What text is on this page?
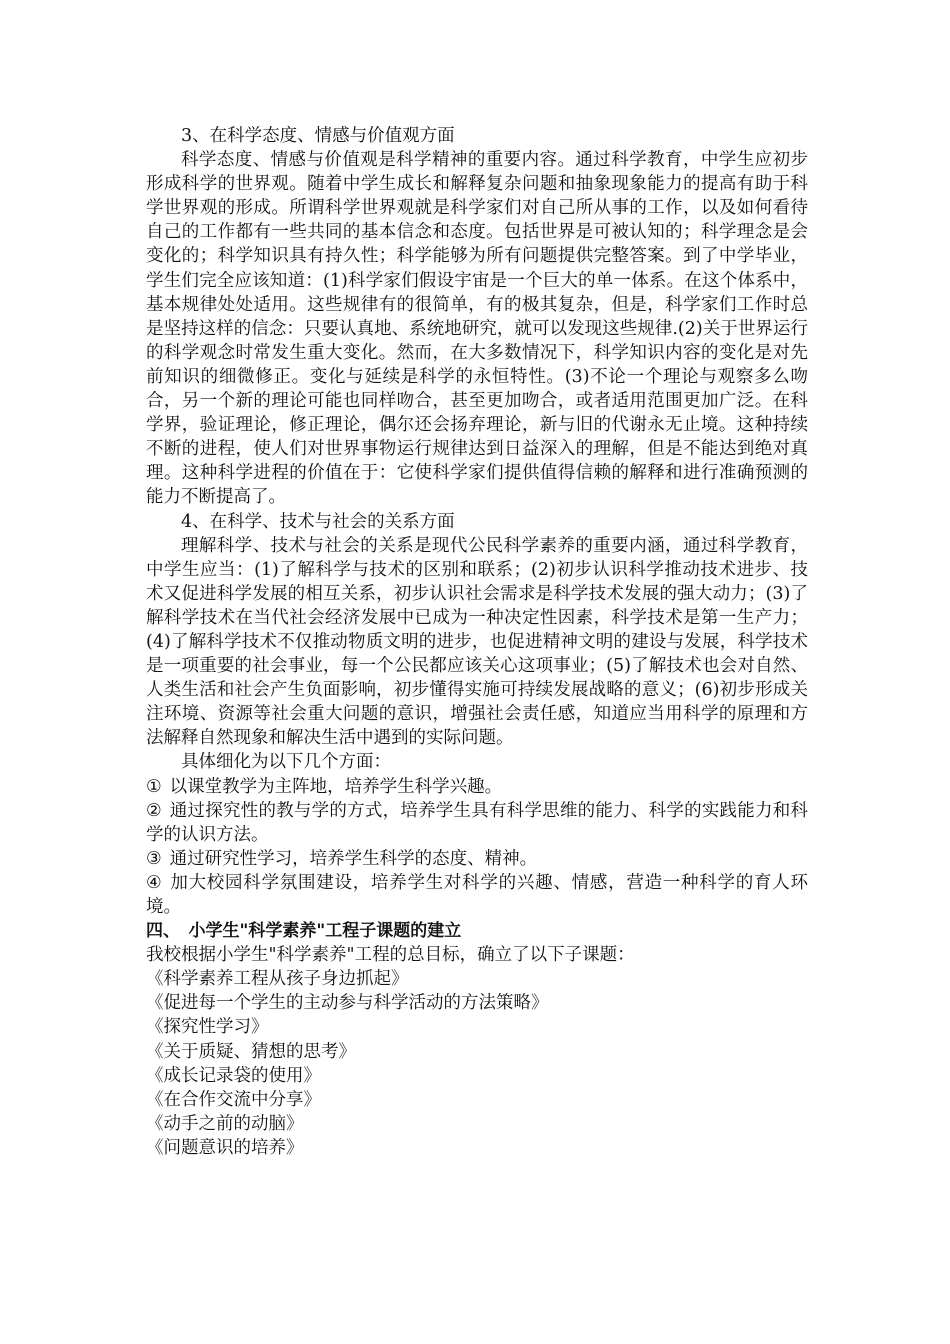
3、在科学态度、情感与价值观方面

科学态度、情感与价值观是科学精神的重要内容。通过科学教育，中学生应初步形成科学的世界观。随着中学生成长和解释复杂问题和抽象现象能力的提高有助于科学世界观的形成。所谓科学世界观就是科学家们对自己所从事的工作，以及如何看待自己的工作都有一些共同的基本信念和态度。包括世界是可被认知的；科学理念是会变化的；科学知识具有持久性；科学能够为所有问题提供完整答案。到了中学毕业，学生们完全应该知道：(1)科学家们假设宇宙是一个巨大的单一体系。在这个体系中，基本规律处处适用。这些规律有的很简单，有的极其复杂，但是，科学家们工作时总是坚持这样的信念：只要认真地、系统地研究，就可以发现这些规律.(2)关于世界运行的科学观念时常发生重大变化。然而，在大多数情况下，科学知识内容的变化是对先前知识的细微修正。变化与延续是科学的永恒特性。(3)不论一个理论与观察多么吻合，另一个新的理论可能也同样吻合，甚至更加吻合，或者适用范围更加广泛。在科学界，验证理论，修正理论，偶尔还会扬弃理论，新与旧的代谢永无止境。这种持续不断的进程，使人们对世界事物运行规律达到日益深入的理解，但是不能达到绝对真理。这种科学进程的价值在于：它使科学家们提供值得信赖的解释和进行准确预测的能力不断提高了。

4、在科学、技术与社会的关系方面

理解科学、技术与社会的关系是现代公民科学素养的重要内涵，通过科学教育，中学生应当：(1)了解科学与技术的区别和联系；(2)初步认识科学推动技术进步、技术又促进科学发展的相互关系，初步认识社会需求是科学技术发展的强大动力；(3)了解科学技术在当代社会经济发展中已成为一种决定性因素，科学技术是第一生产力；(4)了解科学技术不仅推动物质文明的进步，也促进精神文明的建设与发展，科学技术是一项重要的社会事业，每一个公民都应该关心这项事业；(5)了解技术也会对自然、人类生活和社会产生负面影响，初步懂得实施可持续发展战略的意义；(6)初步形成关注环境、资源等社会重大问题的意识，增强社会责任感，知道应当用科学的原理和方法解释自然现象和解决生活中遇到的实际问题。

具体细化为以下几个方面：

① 以课堂教学为主阵地，培养学生科学兴趣。

② 通过探究性的教与学的方式，培养学生具有科学思维的能力、科学的实践能力和科学的认识方法。

③ 通过研究性学习，培养学生科学的态度、精神。

④ 加大校园科学氛围建设，培养学生对科学的兴趣、情感，营造一种科学的育人环境。

四、　小学生"科学素养"工程子课题的建立

我校根据小学生"科学素养"工程的总目标，确立了以下子课题：

《科学素养工程从孩子身边抓起》
《促进每一个学生的主动参与科学活动的方法策略》
《探究性学习》
《关于质疑、猜想的思考》
《成长记录袋的使用》
《在合作交流中分享》
《动手之前的动脑》
《问题意识的培养》
